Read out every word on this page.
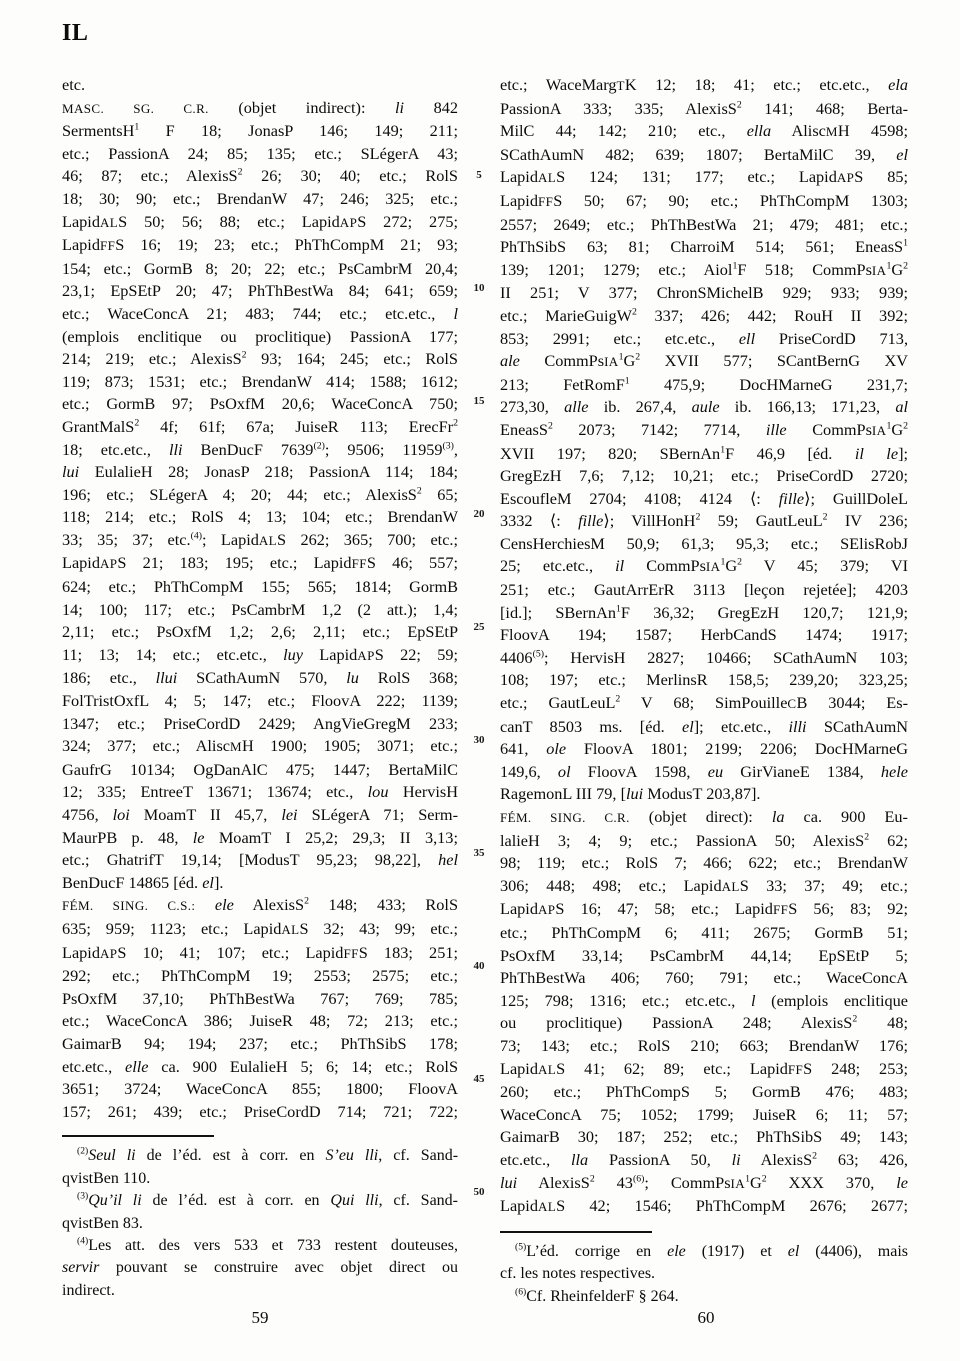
IL
etc.
MASC. SG. C.R. (objet indirect): li 842
SermentsH$^1$ F 18; JonasP 146; 149; 211;
etc.; PassionA 24; 85; 135; etc.; SLégerA 43;
46; 87; etc.; AlexisS$^2$ 26; 30; 40; etc.; RolS
18; 30; 90; etc.; BrendanW 47; 246; 325; etc.;
LapidALS 50; 56; 88; etc.; LapidAPS 272; 275;
LapidFFS 16; 19; 23; etc.; PhThCompM 21; 93;
154; etc.; GormB 8; 20; 22; etc.; PsCambrM 20,4;
23,1; EpSEtP 20; 47; PhThBestWa 84; 641; 659;
etc.; WaceConcA 21; 483; 744; etc.; etc.etc., l
(emplois enclitique ou proclitique) PassionA 177;
214; 219; etc.; AlexisS$^2$ 93; 164; 245; etc.; RolS
119; 873; 1531; etc.; BrendanW 414; 1588; 1612;
etc.; GormB 97; PsOxfM 20,6; WaceConcA 750;
GrantMalS$^2$ 4f; 61f; 67a; JuiseR 113; ErecFr$^2$
18; etc.etc., lli BenDucF 7639$^{(2)}$; 9506; 11959$^{(3)}$,
lui EulalieH 28; JonasP 218; PassionA 114; 184;
196; etc.; SLégerA 4; 20; 44; etc.; AlexisS$^2$ 65;
118; 214; etc.; RolS 4; 13; 104; etc.; BrendanW
33; 35; 37; etc.$^{(4)}$; LapidALS 262; 365; 700; etc.;
LapidAPS 21; 183; 195; etc.; LapidFFS 46; 557;
624; etc.; PhThCompM 155; 565; 1814; GormB
14; 100; 117; etc.; PsCambrM 1,2 (2 att.); 1,4;
2,11; etc.; PsOxfM 1,2; 2,6; 2,11; etc.; EpSEtP
11; 13; 14; etc.; etc.etc., luy LapidAPS 22; 59;
186; etc., llui SCathAumN 570, lu RolS 368;
FolTristOxfL 4; 5; 147; etc.; FloovA 222; 1139;
1347; etc.; PriseCordD 2429; AngVieGregM 233;
324; 377; etc.; AliscMH 1900; 1905; 3071; etc.;
GaufrG 10134; OgDanAlC 475; 1447; BertaMilC
12; 335; EntreeT 13671; 13674; etc., lou HervisH
4756, loi MoamT II 45,7, lei SLégerA 71; Serm-
MaurPB p. 48, le MoamT I 25,2; 29,3; II 3,13;
etc.; GhatrifT 19,14; [ModusT 95,23; 98,22], hel
BenDucF 14865 [éd. el].
FÉM. SING. C.S.: ele AlexisS$^2$ 148; 433; RolS
635; 959; 1123; etc.; LapidALS 32; 43; 99; etc.;
LapidAPS 10; 41; 107; etc.; LapidFFS 183; 251;
292; etc.; PhThCompM 19; 2553; 2575; etc.;
PsOxfM 37,10; PhThBestWa 767; 769; 785;
etc.; WaceConcA 386; JuiseR 48; 72; 213; etc.;
GaimarB 94; 194; 237; etc.; PhThSibS 178;
etc.etc., elle ca. 900 EulalieH 5; 6; 14; etc.; RolS
3651; 3724; WaceConcA 855; 1800; FloovA
157; 261; 439; etc.; PriseCordD 714; 721; 722;
$^{(2)}$Seul li de l’éd. est à corr. en S’eu lli, cf. Sand-
qvistBen 110.
$^{(3)}$Qu’il li de l’éd. est à corr. en Qui lli, cf. Sand-
qvistBen 83.
$^{(4)}$Les att. des vers 533 et 733 restent douteuses,
servir pouvant se construire avec objet direct ou
indirect.
5
10
15
20
25
30
35
40
45
50
etc.; WaceMargTK 12; 18; 41; etc.; etc.etc., ela
PassionA 333; 335; AlexisS$^2$ 141; 468; Berta-
MilC 44; 142; 210; etc., ella AliscMH 4598;
SCathAumN 482; 639; 1807; BertaMilC 39, el
LapidALS 124; 131; 177; etc.; LapidAPS 85;
LapidFFS 50; 67; 90; etc.; PhThCompM 1303;
2557; 2649; etc.; PhThBestWa 21; 479; 481; etc.;
PhThSibS 63; 81; CharroiM 514; 561; EneasS$^1$
139; 1201; 1279; etc.; Aiol$^1$F 518; $CommPsIA^1G^2$
II 251; V 377; ChronSMichelB 929; 933; 939;
etc.; MarieGuigW$^2$ 337; 426; 442; RouH II 392;
853; 2991; etc.; etc.etc., ell PriseCordD 713,
ale $CommPsIA^1G^2$ XVII 577; SCantBernG XV
213; FetRomF$^1$ 475,9; DocHMarneG 231,7;
273,30, alle ib. 267,4, aule ib. 166,13; 171,23, al
EneasS$^2$ 2073; 7142; 7714, ille $CommPsIA^1G^2$
XVII 197; 820; SBernAn$^1$F 46,9 [éd. il le];
GregEzH 7,6; 7,12; 10,21; etc.; PriseCordD 2720;
EscoufleM 2704; 4108; 4124 ⟨: fille⟩; GuillDoleL
3332 ⟨: fille⟩; VillHonH$^2$ 59; GautLeuL$^2$ IV 236;
CensHerchiesM 50,9; 61,3; 95,3; etc.; SElisRobJ
25; etc.etc., il $CommPsIA^1G^2$ V 45; 379; VI
251; etc.; GautArrErR 3113 [leçon rejetée]; 4203
[id.]; SBernAn$^1$F 36,32; GregEzH 120,7; 121,9;
FloovA 194; 1587; HerbCandS 1474; 1917;
4406$^{(5)}$; HervisH 2827; 10466; SCathAumN 103;
108; 197; etc.; MerlinsR 158,5; 239,20; 323,25;
etc.; GautLeuL$^2$ V 68; SimPouilleCB 3044; Es-
canT 8503 ms. [éd. el]; etc.etc., illi SCathAumN
641, ole FloovA 1801; 2199; 2206; DocHMarneG
149,6, ol FloovA 1598, eu GirVianeE 1384, hele
RagemonL III 79, [lui ModusT 203,87].
FÉM. SING. C.R. (objet direct): la ca. 900 Eu-
lalieH 3; 4; 9; etc.; PassionA 50; AlexisS$^2$ 62;
98; 119; etc.; RolS 7; 466; 622; etc.; BrendanW
306; 448; 498; etc.; LapidALS 33; 37; 49; etc.;
LapidAPS 16; 47; 58; etc.; LapidFFS 56; 83; 92;
etc.; PhThCompM 6; 411; 2675; GormB 51;
PsOxfM 33,14; PsCambrM 44,14; EpSEtP 5;
PhThBestWa 406; 760; 791; etc.; WaceConcA
125; 798; 1316; etc.; etc.etc., l (emplois enclitique
ou proclitique) PassionA 248; AlexisS$^2$ 48;
73; 143; etc.; RolS 210; 663; BrendanW 176;
LapidALS 41; 62; 89; etc.; LapidFFS 248; 253;
260; etc.; PhThCompS 5; GormB 476; 483;
WaceConcA 75; 1052; 1799; JuiseR 6; 11; 57;
GaimarB 30; 187; 252; etc.; PhThSibS 49; 143;
etc.etc., lla PassionA 50, li AlexisS$^2$ 63; 426,
lui AlexisS$^2$ 43$^{(6)}$; $CommPsIA^1G^2$ XXX 370, le
LapidALS 42; 1546; PhThCompM 2676; 2677;
$^{(5)}$L’éd. corrige en ele (1917) et el (4406), mais
cf. les notes respectives.
$^{(6)}$Cf. RheinfelderF § 264.
59	60
